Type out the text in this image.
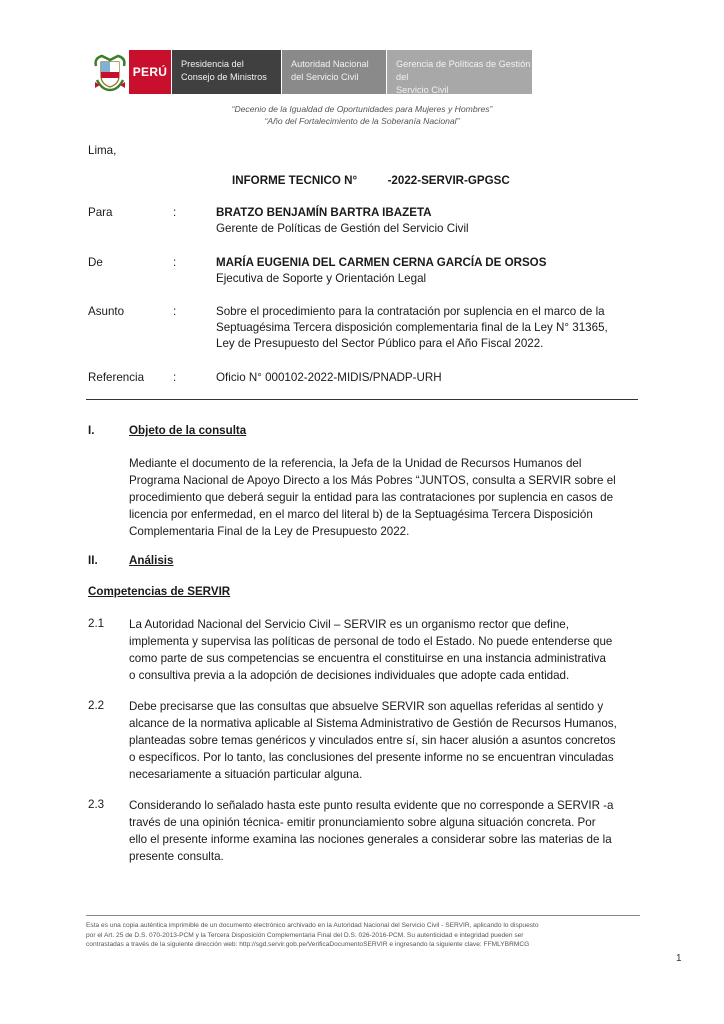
PERÚ
Presidencia del
Consejo de Ministros
Autoridad Nacional
del Servicio Civil
Gerencia de Políticas de Gestión del
Servicio Civil
“Decenio de la Igualdad de Oportunidades para Mujeres y Hombres”
“Año del Fortalecimiento de la Soberanía Nacional”
Lima,
INFORME TECNICO N°	-2022-SERVIR-GPGSC
Para	:	BRATZO BENJAMÍN BARTRA IBAZETA
Gerente de Políticas de Gestión del Servicio Civil
De	:	MARÍA EUGENIA DEL CARMEN CERNA GARCÍA DE ORSOS
Ejecutiva de Soporte y Orientación Legal
Asunto	:	Sobre el procedimiento para la contratación por suplencia en el marco de la
Septuagésima Tercera disposición complementaria final de la Ley N° 31365,
Ley de Presupuesto del Sector Público para el Año Fiscal 2022.
Referencia :	Oficio N° 000102-2022-MIDIS/PNADP-URH
I.	Objeto de la consulta
Mediante el documento de la referencia, la Jefa de la Unidad de Recursos Humanos del
Programa Nacional de Apoyo Directo a los Más Pobres “JUNTOS, consulta a SERVIR sobre el
procedimiento que deberá seguir la entidad para las contrataciones por suplencia en casos de
licencia por enfermedad, en el marco del literal b) de la Septuagésima Tercera Disposición
Complementaria Final de la Ley de Presupuesto 2022.
II.	Análisis
Competencias de SERVIR
2.1 La Autoridad Nacional del Servicio Civil – SERVIR es un organismo rector que define,
implementa y supervisa las políticas de personal de todo el Estado. No puede entenderse que
como parte de sus competencias se encuentra el constituirse en una instancia administrativa
o consultiva previa a la adopción de decisiones individuales que adopte cada entidad.
2.2 Debe precisarse que las consultas que absuelve SERVIR son aquellas referidas al sentido y
alcance de la normativa aplicable al Sistema Administrativo de Gestión de Recursos Humanos,
planteadas sobre temas genéricos y vinculados entre sí, sin hacer alusión a asuntos concretos
o específicos. Por lo tanto, las conclusiones del presente informe no se encuentran vinculadas
necesariamente a situación particular alguna.
2.3 Considerando lo señalado hasta este punto resulta evidente que no corresponde a SERVIR -a
través de una opinión técnica- emitir pronunciamiento sobre alguna situación concreta. Por
ello el presente informe examina las nociones generales a considerar sobre las materias de la
presente consulta.
Esta es una copia auténtica imprimible de un documento electrónico archivado en la Autoridad Nacional del Servicio Civil - SERVIR, aplicando lo dispuesto
por el Art. 25 de D.S. 070-2013-PCM y la Tercera Disposición Complementaria Final del D.S. 026-2016-PCM. Su autenticidad e integridad pueden ser
contrastadas a través de la siguiente dirección web: http://sgd.servir.gob.pe/VerificaDocumentoSERVIR e ingresando la siguiente clave: FFMLYBRMCG
1
